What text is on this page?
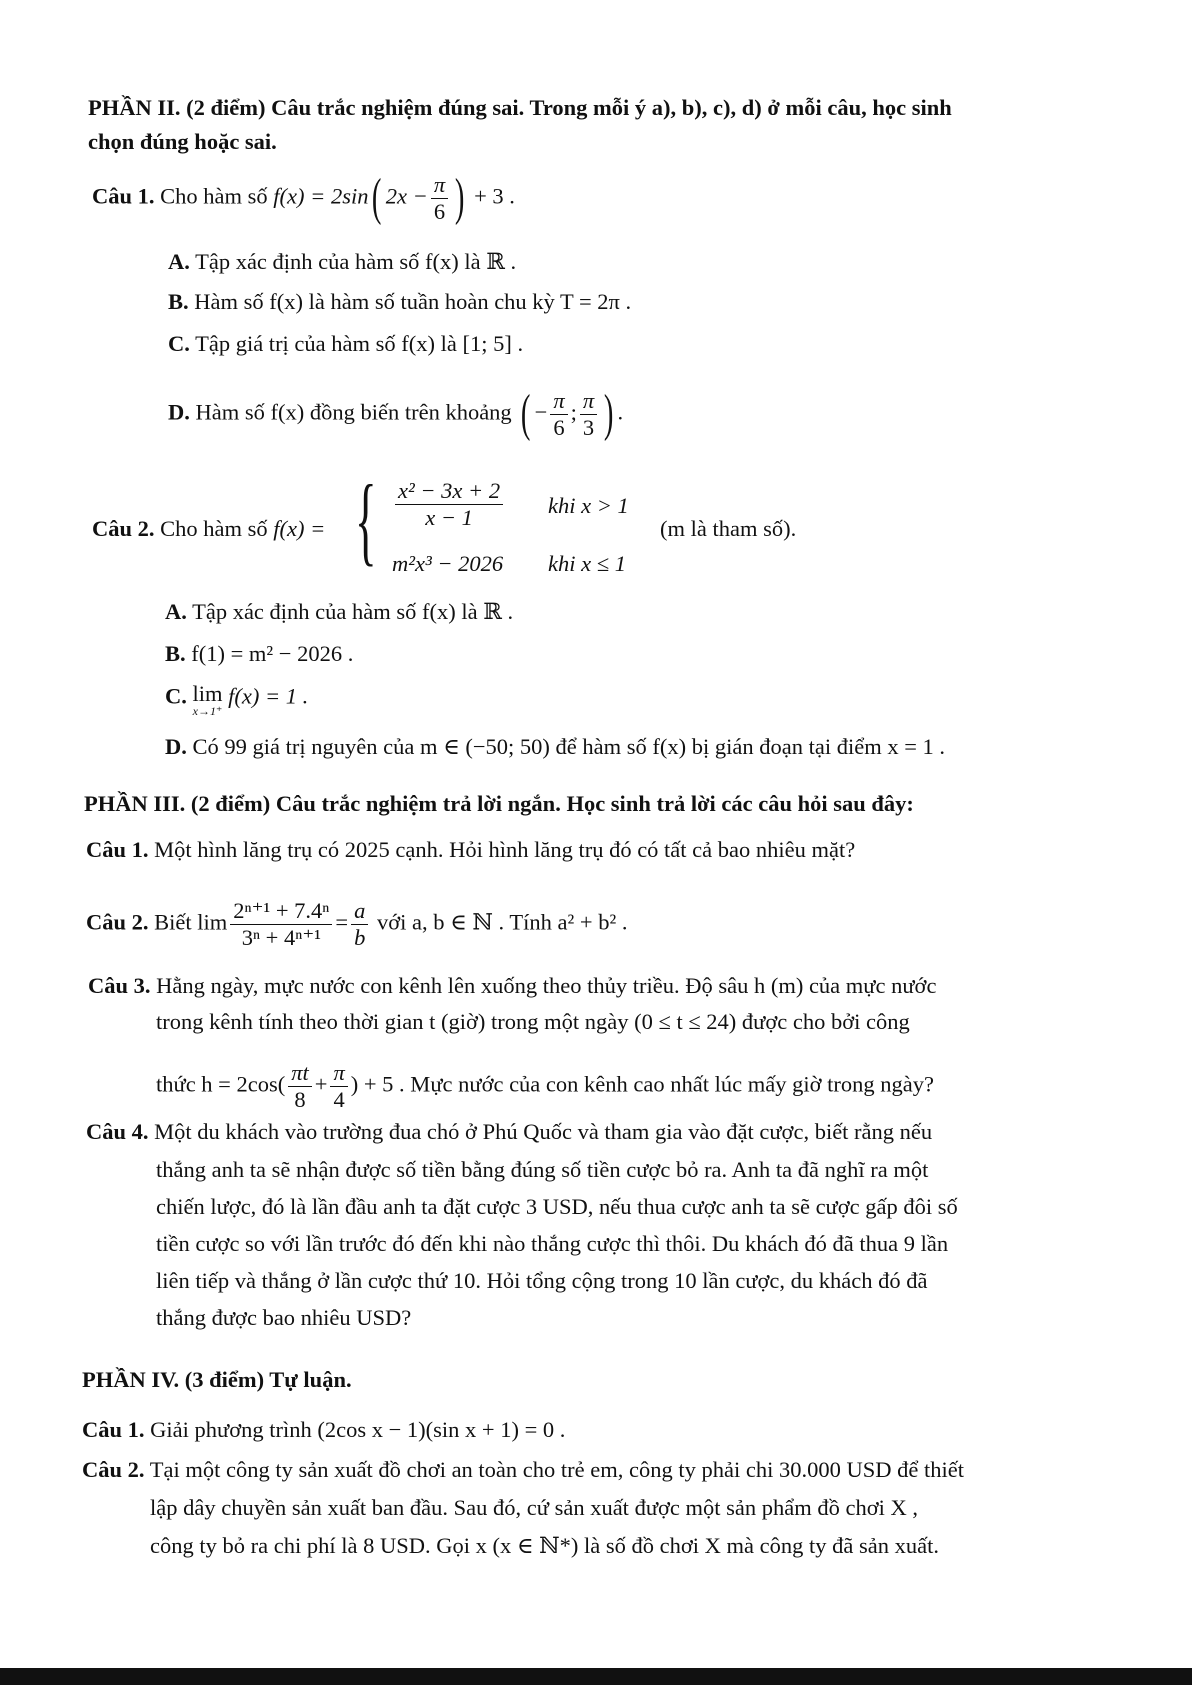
PHẦN II. (2 điểm) Câu trắc nghiệm đúng sai. Trong mỗi ý a), b), c), d) ở mỗi câu, học sinh
chọn đúng hoặc sai.
Câu 1. Cho hàm số f(x) = 2sin( $2x - \frac{\pi}{6}$ ) + 3 .
A. Tập xác định của hàm số f(x) là ℝ .
B. Hàm số f(x) là hàm số tuần hoàn chu kỳ T = 2π .
C. Tập giá trị của hàm số f(x) là [1; 5] .
D. Hàm số f(x) đồng biến trên khoảng ( − $\frac{\pi}{6}$ ; $\frac{\pi}{3}$ ) .
Câu 2. Cho hàm số f(x) = { $\frac{\text{x² − 3x + 2}}{x - 1}$ khi x > 1
m²x³ − 2026 khi x ≤ 1
(m là tham số).
A. Tập xác định của hàm số f(x) là ℝ .
B. f(1) = m² − 2026 .
C. lim
x→1⁺
f(x) = 1 .
D. Có 99 giá trị nguyên của m ∈ (−50; 50) để hàm số f(x) bị gián đoạn tại điểm x = 1 .
PHẦN III. (2 điểm) Câu trắc nghiệm trả lời ngắn. Học sinh trả lời các câu hỏi sau đây:
Câu 1. Một hình lăng trụ có 2025 cạnh. Hỏi hình lăng trụ đó có tất cả bao nhiêu mặt?
Câu 2. Biết $\lim \frac{\text{2ⁿ⁺¹ + 7.4ⁿ}}{\text{3ⁿ + 4ⁿ⁺¹}} = \frac{a}{b}$ với a, b ∈ ℕ . Tính a² + b² .
Câu 3. Hằng ngày, mực nước con kênh lên xuống theo thủy triều. Độ sâu h (m) của mực nước
trong kênh tính theo thời gian t (giờ) trong một ngày (0 ≤ t ≤ 24) được cho bởi công
thức $h = 2\cos( \frac{\pi t}{8} + \frac{\pi}{4}$ ) + 5 . Mực nước của con kênh cao nhất lúc mấy giờ trong ngày?
Câu 4. Một du khách vào trường đua chó ở Phú Quốc và tham gia vào đặt cược, biết rằng nếu
thắng anh ta sẽ nhận được số tiền bằng đúng số tiền cược bỏ ra. Anh ta đã nghĩ ra một
chiến lược, đó là lần đầu anh ta đặt cược 3 USD, nếu thua cược anh ta sẽ cược gấp đôi số
tiền cược so với lần trước đó đến khi nào thắng cược thì thôi. Du khách đó đã thua 9 lần
liên tiếp và thắng ở lần cược thứ 10. Hỏi tổng cộng trong 10 lần cược, du khách đó đã
thắng được bao nhiêu USD?
PHẦN IV. (3 điểm) Tự luận.
Câu 1. Giải phương trình (2cos x − 1)(sin x + 1) = 0 .
Câu 2. Tại một công ty sản xuất đồ chơi an toàn cho trẻ em, công ty phải chi 30.000 USD để thiết
lập dây chuyền sản xuất ban đầu. Sau đó, cứ sản xuất được một sản phẩm đồ chơi X ,
công ty bỏ ra chi phí là 8 USD. Gọi x (x ∈ ℕ*) là số đồ chơi X mà công ty đã sản xuất.
